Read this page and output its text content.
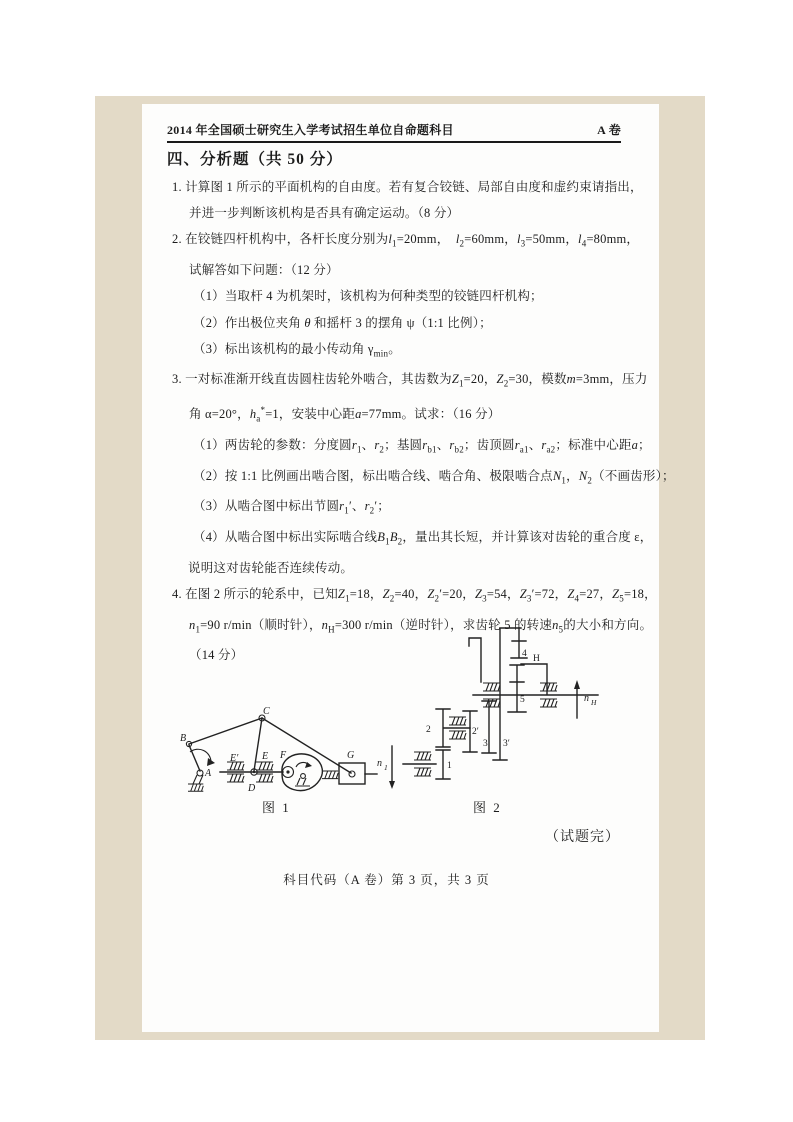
2014 年全国硕士研究生入学考试招生单位自命题科目	A 卷
四、分析题（共 50 分）
1. 计算图 1 所示的平面机构的自由度。若有复合铰链、局部自由度和虚约束请指出，
并进一步判断该机构是否具有确定运动。（8 分）
2. 在铰链四杆机构中，各杆长度分别为$l_1=20mm$， $l_2=60mm$，$l_3=50mm$，$l_4=80mm$，
试解答如下问题：（12 分）
（1）当取杆 4 为机架时，该机构为何种类型的铰链四杆机构；
（2）作出极位夹角 θ 和摇杆 3 的摆角 ψ（1:1 比例）；
（3）标出该机构的最小传动角 $\gamma_{min}$。
3. 一对标准渐开线直齿圆柱齿轮外啮合，其齿数为$Z_1=20$，$Z_2=30$，模数m=3mm，压力
角 α=20°，$h_a^*=1$，安装中心距a=77mm。试求：（16 分）
（1）两齿轮的参数：分度圆$r_1$、$r_2$；基圆$r_{b1}$、$r_{b2}$；齿顶圆$r_{a1}$、$r_{a2}$；标准中心距a；
（2）按 1:1 比例画出啮合图，标出啮合线、啮合角、极限啮合点$N_1$，$N_2$（不画齿形）；
（3）从啮合图中标出节圆$r_1'$、$r_2'$；
（4）从啮合图中标出实际啮合线$B_1B_2$，量出其长短，并计算该对齿轮的重合度 ε，
说明这对齿轮能否连续传动。
4. 在图 2 所示的轮系中，已知$Z_1=18$，$Z_2=40$，$Z_2'=20$，$Z_3=54$，$Z_3'=72$，$Z_4=27$，$Z_5=18$，
$n_1=90$ r/min（顺时针），$n_H=300$ r/min（逆时针），求齿轮 5 的转速$n_5$的大小和方向。
（14 分）
B
C
A
E′ E
D
F	G
图 1
n 1	1
2	2′
3 3′
4 H
5	n H
图 2
（试题完）
科目代码（A 卷）第 3 页，共 3 页
